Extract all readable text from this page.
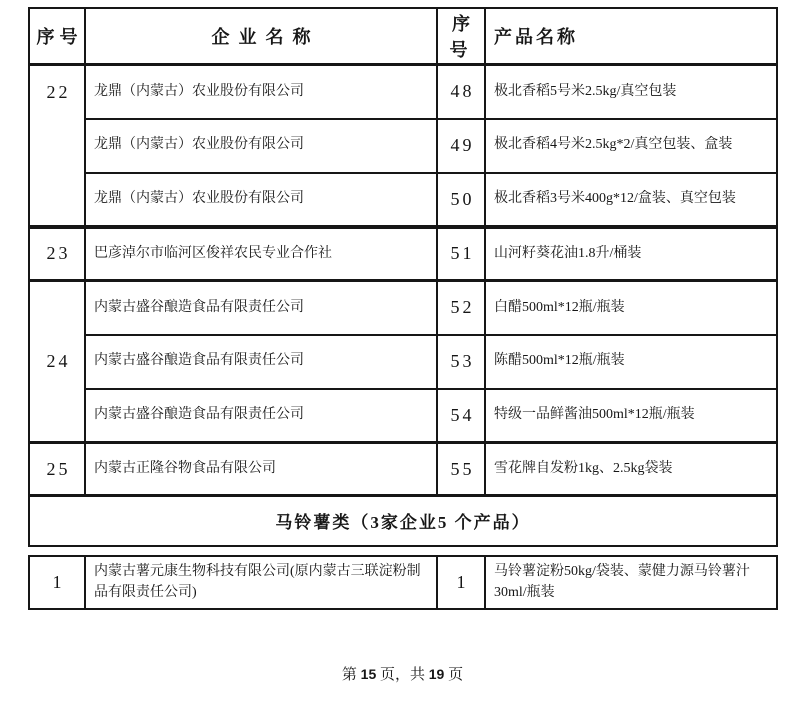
序号	企业名称	序号	产品名称

22	龙鼎（内蒙古）农业股份有限公司	48	极北香稻5号米2.5kg/真空包装
	龙鼎（内蒙古）农业股份有限公司	49	极北香稻4号米2.5kg*2/真空包装、盒装
	龙鼎（内蒙古）农业股份有限公司	50	极北香稻3号米400g*12/盒装、真空包装
23	巴彦淖尔市临河区俊祥农民专业合作社	51	山河籽葵花油1.8升/桶装
24	内蒙古盛谷酿造食品有限责任公司	52	白醋500ml*12瓶/瓶装
	内蒙古盛谷酿造食品有限责任公司	53	陈醋500ml*12瓶/瓶装
	内蒙古盛谷酿造食品有限责任公司	54	特级一品鲜酱油500ml*12瓶/瓶装
25	内蒙古正隆谷物食品有限公司	55	雪花牌自发粉1kg、2.5kg袋装
马铃薯类（3家企业5 个产品）			
1	内蒙古薯元康生物科技有限公司(原内蒙古三联淀粉制品有限责任公司)	1	马铃薯淀粉50kg/袋装、蒙健力源马铃薯汁30ml/瓶装
第 15 页，共 19 页
